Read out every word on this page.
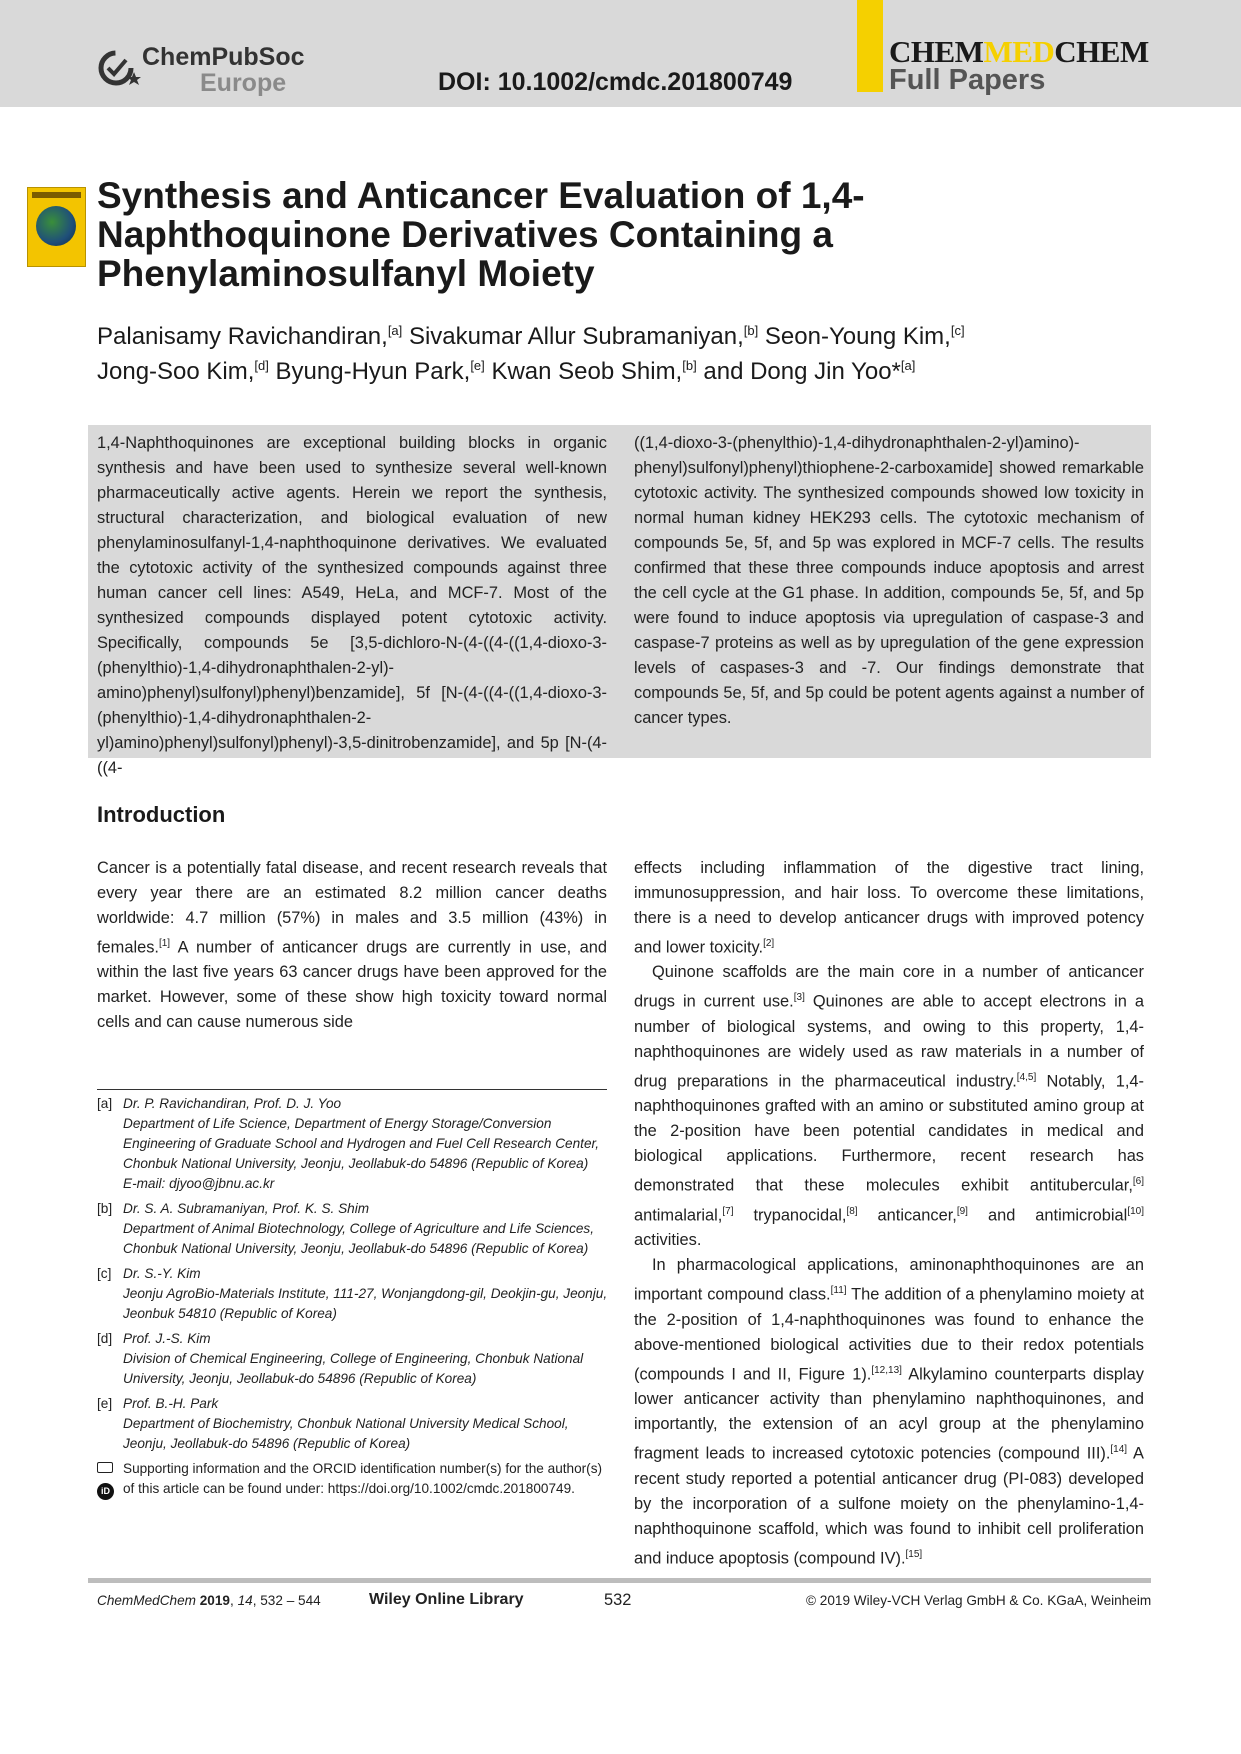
ChemPubSoc
Europe	DOI: 10.1002/cmdc.201800749
CHEMMEDCHEM
Full Papers
Synthesis and Anticancer Evaluation of 1,4-Naphthoquinone Derivatives Containing a Phenylaminosulfanyl Moiety
Palanisamy Ravichandiran,[a] Sivakumar Allur Subramaniyan,[b] Seon-Young Kim,[c]
Jong-Soo Kim,[d] Byung-Hyun Park,[e] Kwan Seob Shim,[b] and Dong Jin Yoo*[a]
1,4-Naphthoquinones are exceptional building blocks in organic synthesis and have been used to synthesize several well-known pharmaceutically active agents. Herein we report the synthesis, structural characterization, and biological evaluation of new phenylaminosulfanyl-1,4-naphthoquinone derivatives. We evaluated the cytotoxic activity of the synthesized compounds against three human cancer cell lines: A549, HeLa, and MCF-7. Most of the synthesized compounds displayed potent cytotoxic activity. Specifically, compounds 5e [3,5-dichloro-N-(4-((4-((1,4-dioxo-3-(phenylthio)-1,4-dihydronaphthalen-2-yl)-amino)phenyl)sulfonyl)phenyl)benzamide], 5f [N-(4-((4-((1,4-dioxo-3-(phenylthio)-1,4-dihydronaphthalen-2-yl)amino)phenyl)sulfonyl)phenyl)-3,5-dinitrobenzamide], and 5p [N-(4-((4-
((1,4-dioxo-3-(phenylthio)-1,4-dihydronaphthalen-2-yl)amino)-phenyl)sulfonyl)phenyl)thiophene-2-carboxamide] showed remarkable cytotoxic activity. The synthesized compounds showed low toxicity in normal human kidney HEK293 cells. The cytotoxic mechanism of compounds 5e, 5f, and 5p was explored in MCF-7 cells. The results confirmed that these three compounds induce apoptosis and arrest the cell cycle at the G1 phase. In addition, compounds 5e, 5f, and 5p were found to induce apoptosis via upregulation of caspase-3 and caspase-7 proteins as well as by upregulation of the gene expression levels of caspases-3 and -7. Our findings demonstrate that compounds 5e, 5f, and 5p could be potent agents against a number of cancer types.
Introduction

Cancer is a potentially fatal disease, and recent research reveals that every year there are an estimated 8.2 million cancer deaths worldwide: 4.7 million (57%) in males and 3.5 million (43%) in females.[1] A number of anticancer drugs are currently in use, and within the last five years 63 cancer drugs have been approved for the market. However, some of these show high toxicity toward normal cells and can cause numerous side

effects including inflammation of the digestive tract lining, immunosuppression, and hair loss. To overcome these limitations, there is a need to develop anticancer drugs with improved potency and lower toxicity.[2]

Quinone scaffolds are the main core in a number of anticancer drugs in current use.[3] Quinones are able to accept electrons in a number of biological systems, and owing to this property, 1,4-naphthoquinones are widely used as raw materials in a number of drug preparations in the pharmaceutical industry.[4,5] Notably, 1,4-naphthoquinones grafted with an amino or substituted amino group at the 2-position have been potential candidates in medical and biological applications. Furthermore, recent research has demonstrated that these molecules exhibit antitubercular,[6] antimalarial,[7] trypanocidal,[8] anticancer,[9] and antimicrobial[10] activities.

In pharmacological applications, aminonaphthoquinones are an important compound class.[11] The addition of a phenylamino moiety at the 2-position of 1,4-naphthoquinones was found to enhance the above-mentioned biological activities due to their redox potentials (compounds I and II, Figure 1).[12,13] Alkylamino counterparts display lower anticancer activity than phenylamino naphthoquinones, and importantly, the extension of an acyl group at the phenylamino fragment leads to increased cytotoxic potencies (compound III).[14] A recent study reported a potential anticancer drug (PI-083) developed by the incorporation of a sulfone moiety on the phenylamino-1,4-naphthoquinone scaffold, which was found to inhibit cell proliferation and induce apoptosis (compound IV).[15]

[a] Dr. P. Ravichandiran, Prof. D. J. Yoo
Department of Life Science, Department of Energy Storage/Conversion Engineering of Graduate School and Hydrogen and Fuel Cell Research Center, Chonbuk National University, Jeonju, Jeollabuk-do 54896 (Republic of Korea)
E-mail: djyoo@jbnu.ac.kr
[b] Dr. S. A. Subramaniyan, Prof. K. S. Shim
Department of Animal Biotechnology, College of Agriculture and Life Sciences, Chonbuk National University, Jeonju, Jeollabuk-do 54896 (Republic of Korea)
[c] Dr. S.-Y. Kim
Jeonju AgroBio-Materials Institute, 111-27, Wonjangdong-gil, Deokjin-gu, Jeonju, Jeonbuk 54810 (Republic of Korea)
[d] Prof. J.-S. Kim
Division of Chemical Engineering, College of Engineering, Chonbuk National University, Jeonju, Jeollabuk-do 54896 (Republic of Korea)
[e] Prof. B.-H. Park
Department of Biochemistry, Chonbuk National University Medical School, Jeonju, Jeollabuk-do 54896 (Republic of Korea)
iD
Supporting information and the ORCID identification number(s) for the author(s) of this article can be found under: https://doi.org/10.1002/cmdc.201800749.
ChemMedChem 2019, 14, 532 – 544	Wiley Online Library	532	© 2019 Wiley-VCH Verlag GmbH & Co. KGaA, Weinheim
